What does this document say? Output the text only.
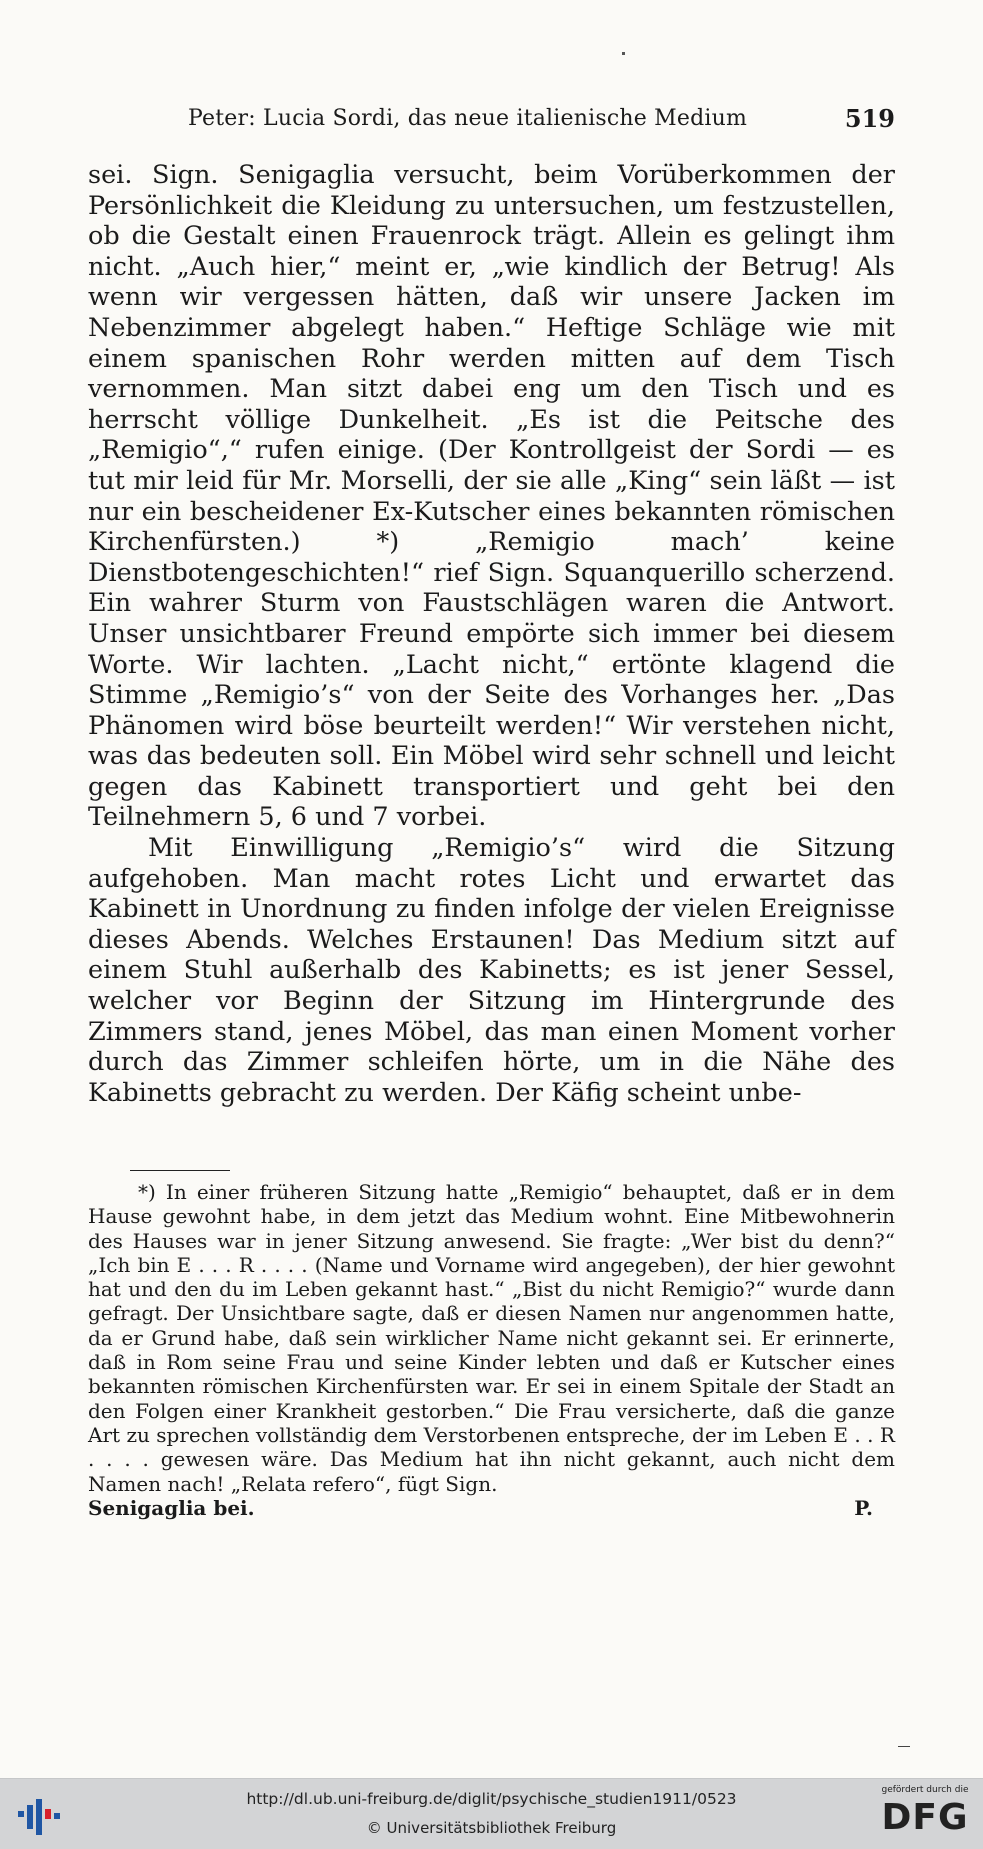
Peter: Lucia Sordi, das neue italienische Medium	519

sei. Sign. Senigaglia versucht, beim Vorüberkommen der Persönlichkeit die Kleidung zu untersuchen, um festzustellen, ob die Gestalt einen Frauenrock trägt. Allein es gelingt ihm nicht. „Auch hier,“ meint er, „wie kindlich der Betrug! Als wenn wir vergessen hätten, daß wir unsere Jacken im Nebenzimmer abgelegt haben.“ Heftige Schläge wie mit einem spanischen Rohr werden mitten auf dem Tisch vernommen. Man sitzt dabei eng um den Tisch und es herrscht völlige Dunkelheit. „Es ist die Peitsche des „Remigio“,“ rufen einige. (Der Kontrollgeist der Sordi — es tut mir leid für Mr. Morselli, der sie alle „King“ sein läßt — ist nur ein bescheidener Ex-Kutscher eines bekannten römischen Kirchenfürsten.) *) „Remigio mach’ keine Dienstbotengeschichten!“ rief Sign. Squanquerillo scherzend. Ein wahrer Sturm von Faustschlägen waren die Antwort. Unser unsichtbarer Freund empörte sich immer bei diesem Worte. Wir lachten. „Lacht nicht,“ ertönte klagend die Stimme „Remigio’s“ von der Seite des Vorhanges her. „Das Phänomen wird böse beurteilt werden!“ Wir verstehen nicht, was das bedeuten soll. Ein Möbel wird sehr schnell und leicht gegen das Kabinett transportiert und geht bei den Teilnehmern 5, 6 und 7 vorbei.

Mit Einwilligung „Remigio’s“ wird die Sitzung aufgehoben. Man macht rotes Licht und erwartet das Kabinett in Unordnung zu finden infolge der vielen Ereignisse dieses Abends. Welches Erstaunen! Das Medium sitzt auf einem Stuhl außerhalb des Kabinetts; es ist jener Sessel, welcher vor Beginn der Sitzung im Hintergrunde des Zimmers stand, jenes Möbel, das man einen Moment vorher durch das Zimmer schleifen hörte, um in die Nähe des Kabinetts gebracht zu werden. Der Käfig scheint unbe-

*) In einer früheren Sitzung hatte „Remigio“ behauptet, daß er in dem Hause gewohnt habe, in dem jetzt das Medium wohnt. Eine Mitbewohnerin des Hauses war in jener Sitzung anwesend. Sie fragte: „Wer bist du denn?“ „Ich bin E . . . R . . . . (Name und Vorname wird angegeben), der hier gewohnt hat und den du im Leben gekannt hast.“ „Bist du nicht Remigio?“ wurde dann gefragt. Der Unsichtbare sagte, daß er diesen Namen nur angenommen hatte, da er Grund habe, daß sein wirklicher Name nicht gekannt sei. Er erinnerte, daß in Rom seine Frau und seine Kinder lebten und daß er Kutscher eines bekannten römischen Kirchenfürsten war. Er sei in einem Spitale der Stadt an den Folgen einer Krankheit gestorben.“ Die Frau versicherte, daß die ganze Art zu sprechen vollständig dem Verstorbenen entspreche, der im Leben E . . R . . . . gewesen wäre. Das Medium hat ihn nicht gekannt, auch nicht dem Namen nach! „Relata refero“, fügt Sign.

Senigaglia bei.	P.
http://dl.ub.uni-freiburg.de/diglit/psychische_studien1911/0523
© Universitätsbibliothek Freiburg
gefördert durch die
DFG
